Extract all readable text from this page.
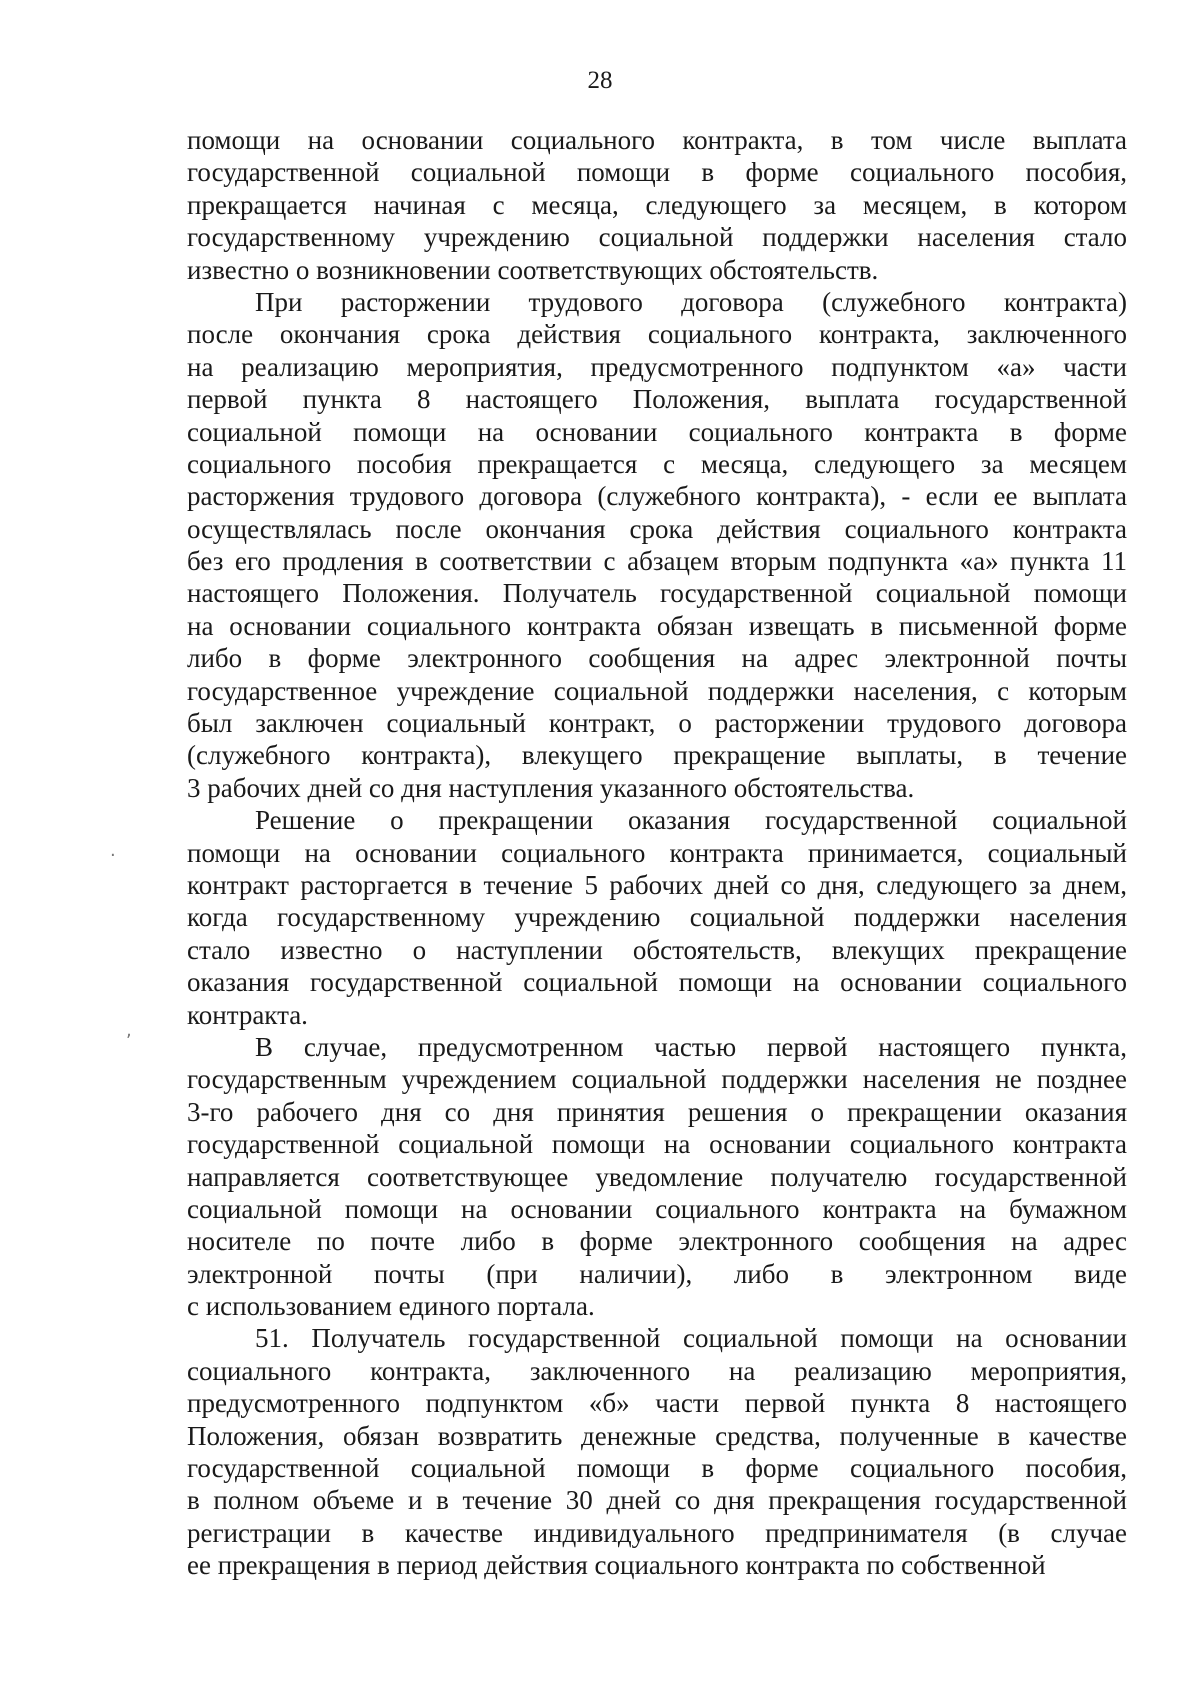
28
помощи на основании социального контракта, в том числе выплата
государственной социальной помощи в форме социального пособия,
прекращается начиная с месяца, следующего за месяцем, в котором
государственному учреждению социальной поддержки населения стало
известно о возникновении соответствующих обстоятельств.
При расторжении трудового договора (служебного контракта)
после окончания срока действия социального контракта, заключенного
на реализацию мероприятия, предусмотренного подпунктом «а» части
первой пункта 8 настоящего Положения, выплата государственной
социальной помощи на основании социального контракта в форме
социального пособия прекращается с месяца, следующего за месяцем
расторжения трудового договора (служебного контракта), - если ее выплата
осуществлялась после окончания срока действия социального контракта
без его продления в соответствии с абзацем вторым подпункта «а» пункта 11
настоящего Положения. Получатель государственной социальной помощи
на основании социального контракта обязан извещать в письменной форме
либо в форме электронного сообщения на адрес электронной почты
государственное учреждение социальной поддержки населения, с которым
был заключен социальный контракт, о расторжении трудового договора
(служебного контракта), влекущего прекращение выплаты, в течение
3 рабочих дней со дня наступления указанного обстоятельства.
Решение о прекращении оказания государственной социальной
помощи на основании социального контракта принимается, социальный
контракт расторгается в течение 5 рабочих дней со дня, следующего за днем,
когда государственному учреждению социальной поддержки населения
стало известно о наступлении обстоятельств, влекущих прекращение
оказания государственной социальной помощи на основании социального
контракта.
В случае, предусмотренном частью первой настоящего пункта,
государственным учреждением социальной поддержки населения не позднее
3-го рабочего дня со дня принятия решения о прекращении оказания
государственной социальной помощи на основании социального контракта
направляется соответствующее уведомление получателю государственной
социальной помощи на основании социального контракта на бумажном
носителе по почте либо в форме электронного сообщения на адрес
электронной почты (при наличии), либо в электронном виде
с использованием единого портала.
51. Получатель государственной социальной помощи на основании
социального контракта, заключенного на реализацию мероприятия,
предусмотренного подпунктом «б» части первой пункта 8 настоящего
Положения, обязан возвратить денежные средства, полученные в качестве
государственной социальной помощи в форме социального пособия,
в полном объеме и в течение 30 дней со дня прекращения государственной
регистрации в качестве индивидуального предпринимателя (в случае
ее прекращения в период действия социального контракта по собственной
·
,
